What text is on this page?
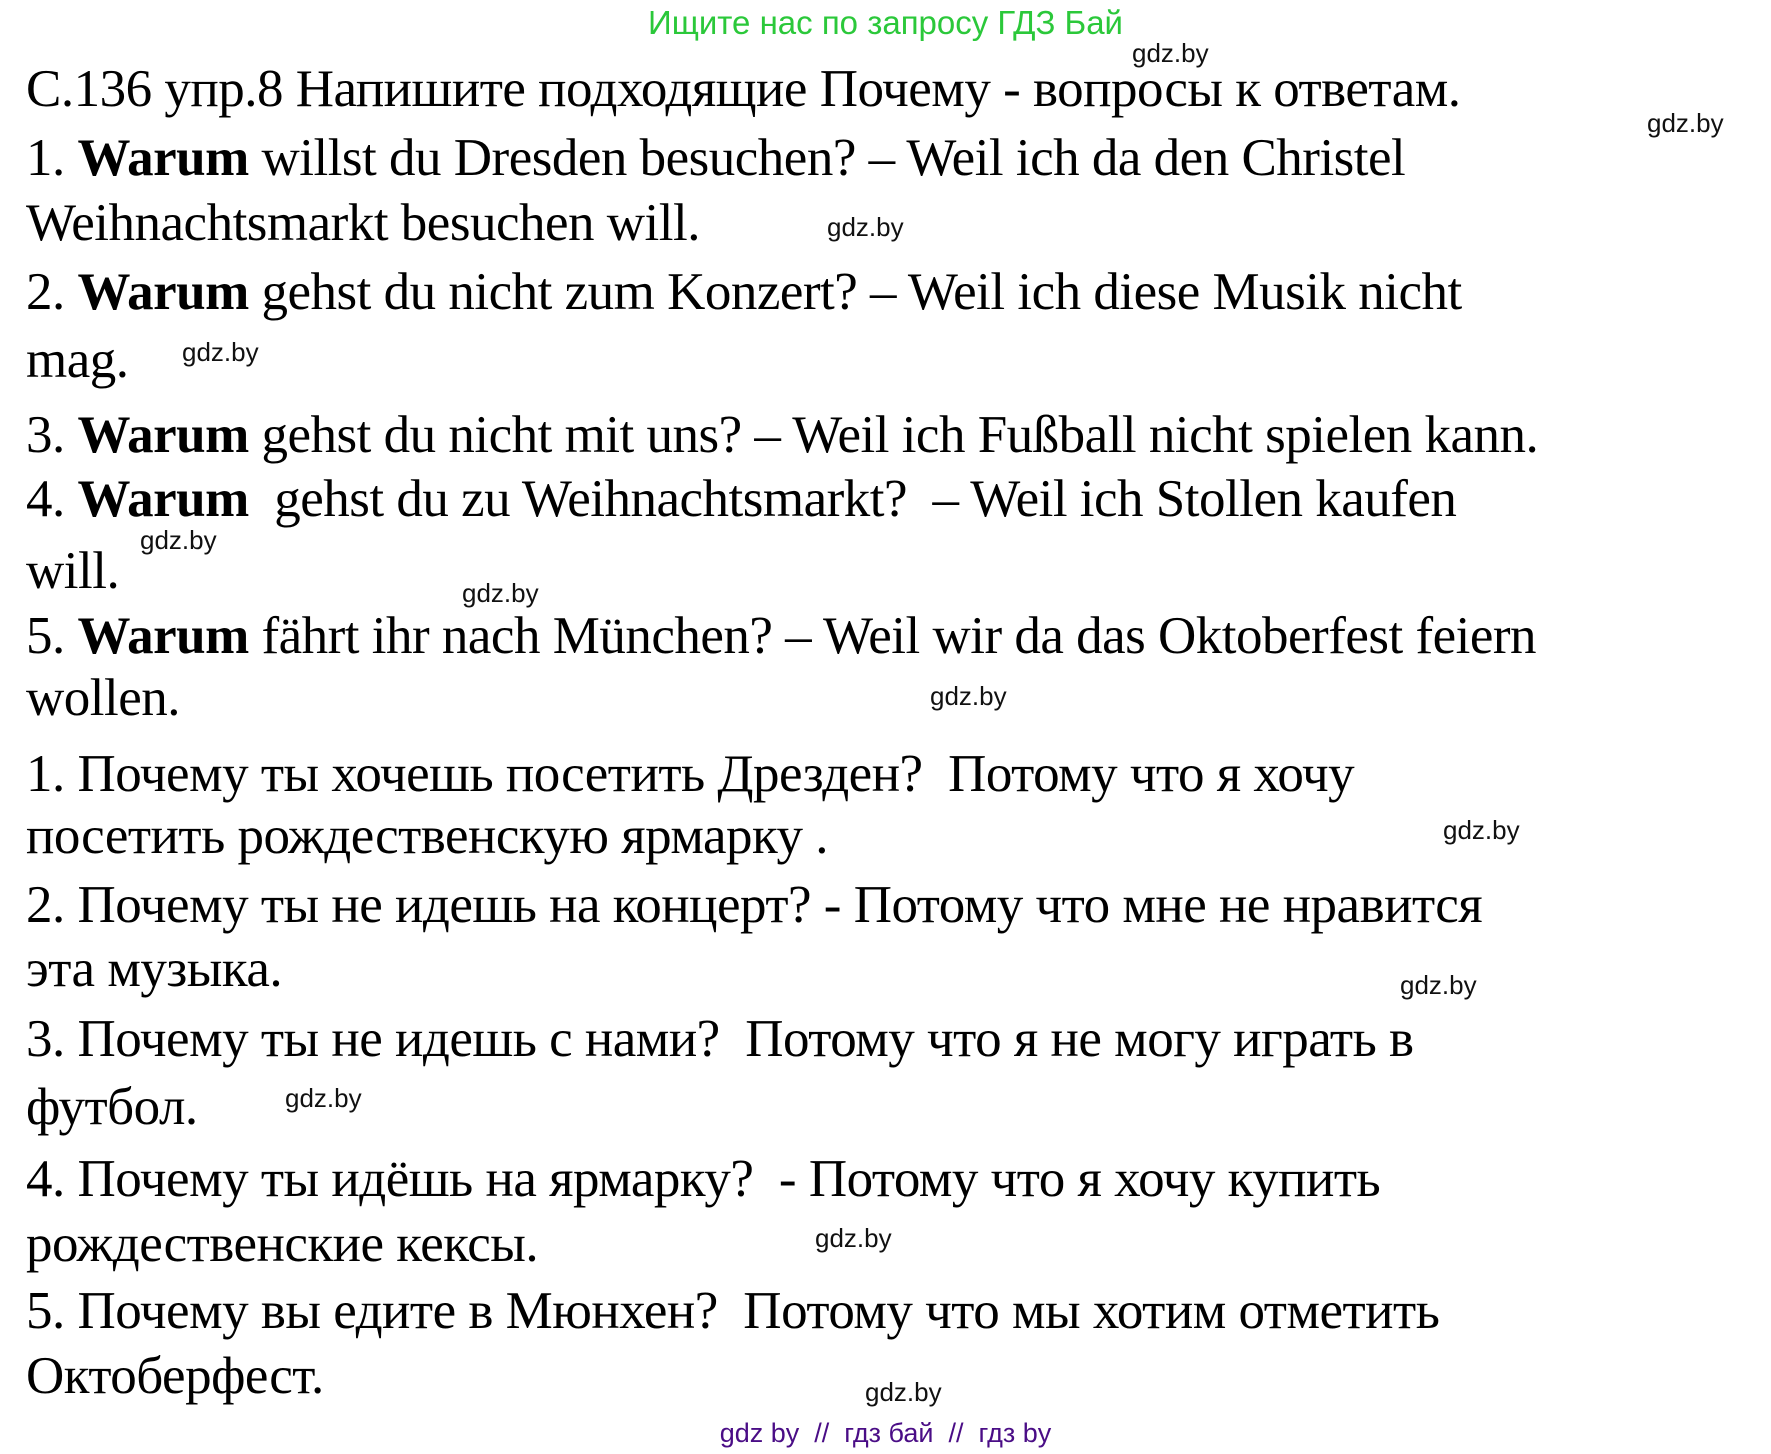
Ищите нас по запросу ГДЗ Бай
С.136 упр.8 Напишите подходящие Почему - вопросы к ответам.
1. Warum willst du Dresden besuchen? – Weil ich da den Christel
Weihnachtsmarkt besuchen will.
2. Warum gehst du nicht zum Konzert? – Weil ich diese Musik nicht
mag.
3. Warum gehst du nicht mit uns? – Weil ich Fußball nicht spielen kann.
4. Warum  gehst du zu Weihnachtsmarkt?  – Weil ich Stollen kaufen
will.
5. Warum fährt ihr nach München? – Weil wir da das Oktoberfest feiern
wollen.
1. Почему ты хочешь посетить Дрезден?  Потому что я хочу
посетить рождественскую ярмарку .
2. Почему ты не идешь на концерт? - Потому что мне не нравится
эта музыка.
3. Почему ты не идешь с нами?  Потому что я не могу играть в
футбол.
4. Почему ты идёшь на ярмарку?  - Потому что я хочу купить
рождественские кексы.
5. Почему вы едите в Мюнхен?  Потому что мы хотим отметить
Октоберфест.
gdz.by
gdz.by
gdz.by
gdz.by
gdz.by
gdz.by
gdz.by
gdz.by
gdz.by
gdz.by
gdz.by
gdz.by
gdz by  //  гдз бай  //  гдз by
